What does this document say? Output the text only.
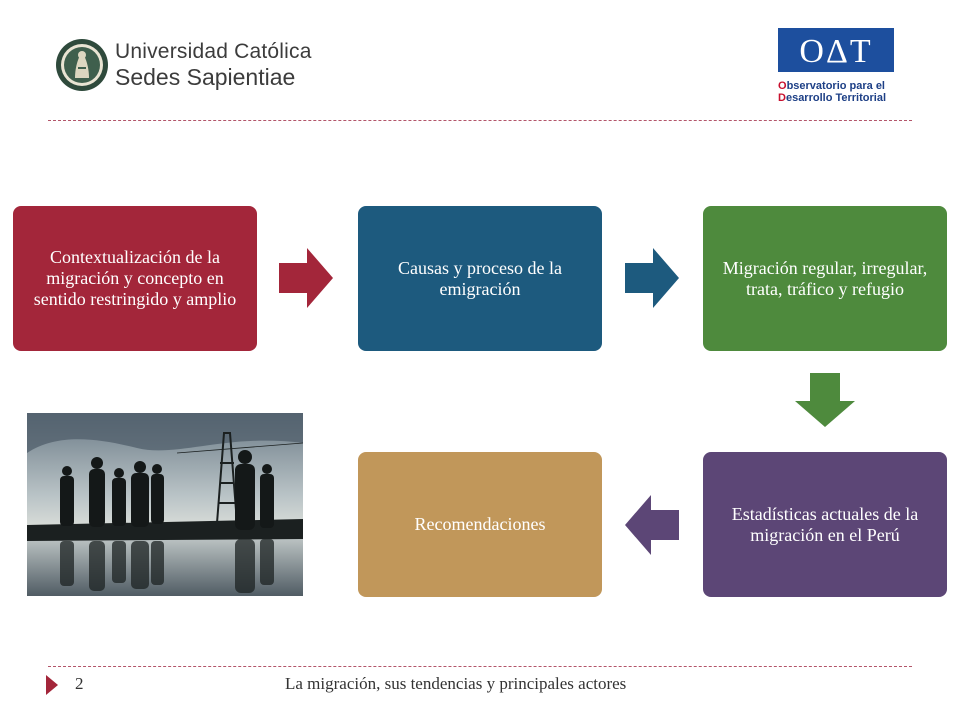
Universidad Católica
Sedes Sapientiae
OΔT
Observatorio para el
Desarrollo Territorial
Contextualización de la migración y concepto en sentido restringido y amplio
Causas y proceso de la emigración
Migración regular, irregular, trata, tráfico y refugio
Estadísticas actuales de la migración en el Perú
Recomendaciones
2	La migración, sus tendencias y principales actores
